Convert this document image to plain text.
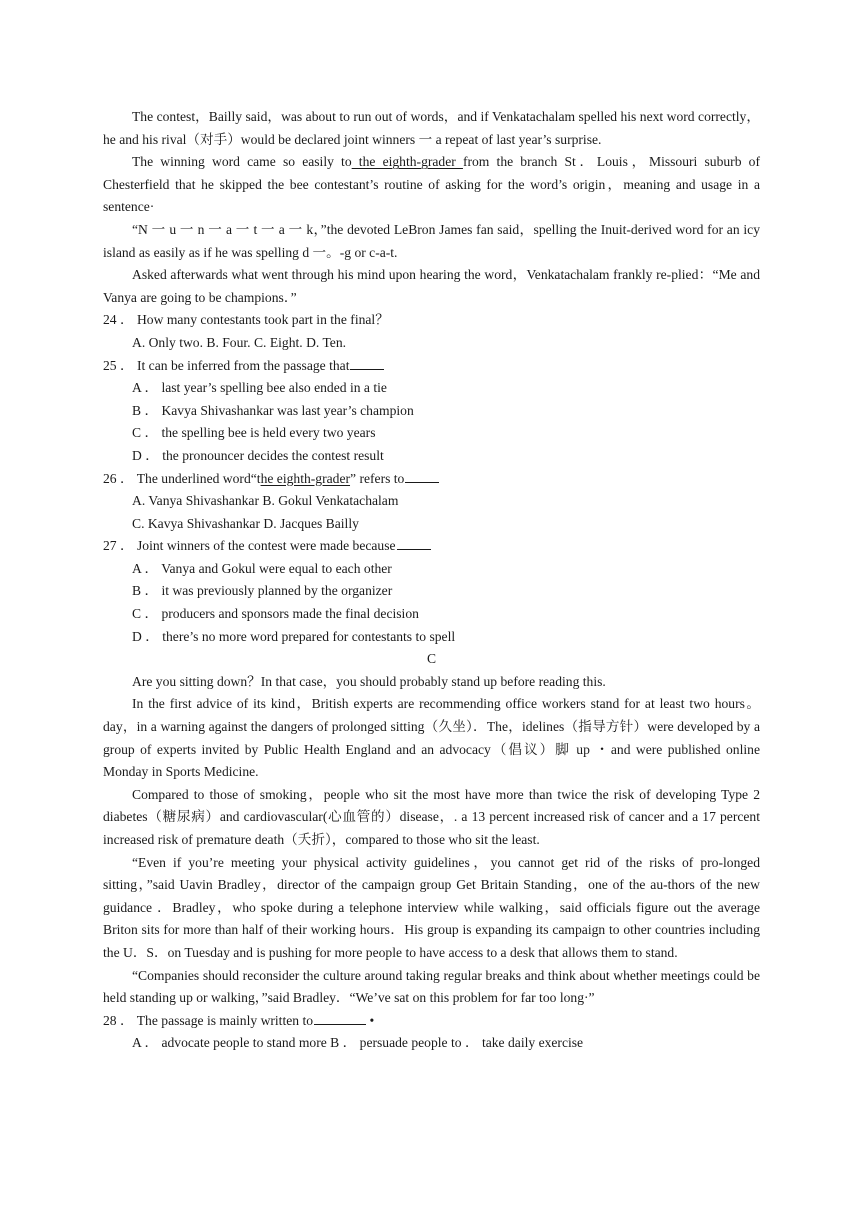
The contest，Bailly said，was about to run out of words，and if Venkatachalam spelled his next word correctly，he and his rival（对手）would be declared joint winners 一 a repeat of last year’s surprise.

The winning word came so easily to the eighth-grader from the branch St．Louis，Missouri suburb of Chesterfield that he skipped the bee contestant’s routine of asking for the word’s origin，meaning and usage in a sentence·

“N 一 u 一 n 一 a 一 t 一 a 一 k，”the devoted LeBron James fan said，spelling the Inuit-derived word for an icy island as easily as if he was spelling d 一。-g or c-a-t.

Asked afterwards what went through his mind upon hearing the word，Venkatachalam frankly re-plied：“Me and Vanya are going to be champions．”

24 ． How many contestants took part in the final？

A. Only two. B. Four. C. Eight. D. Ten.

25 ． It can be inferred from the passage that

A ． last year’s spelling bee also ended in a tie

B ． Kavya Shivashankar was last year’s champion

C ． the spelling bee is held every two years

D ． the pronouncer decides the contest result

26 ． The underlined word“the eighth-grader” refers to

A. Vanya Shivashankar B. Gokul Venkatachalam

C. Kavya Shivashankar D. Jacques Bailly

27 ． Joint winners of the contest were made because

A ． Vanya and Gokul were equal to each other

B ． it was previously planned by the organizer

C ． producers and sponsors made the final decision

D ． there’s no more word prepared for contestants to spell

C

Are you sitting down？In that case，you should probably stand up before reading this.

In the first advice of its kind，British experts are recommending office workers stand for at least two hours。day，in a warning against the dangers of prolonged sitting（久坐）．The，idelines（指导方针）were developed by a group of experts invited by Public Health England and an advocacy（倡议）脚 up ・and were published online Monday in Sports Medicine.

Compared to those of smoking，people who sit the most have more than twice the risk of developing Type 2 diabetes（糖尿病）and cardiovascular(心血管的）disease，. a 13 percent increased risk of cancer and a 17 percent increased risk of premature death（夭折），compared to those who sit the least.

“Even if you’re meeting your physical activity guidelines，you cannot get rid of the risks of pro-longed sitting，”said Uavin Bradley，director of the campaign group Get Britain Standing，one of the au-thors of the new guidance ．Bradley，who spoke during a telephone interview while walking，said officials figure out the average Briton sits for more than half of their working hours．His group is expanding its campaign to other countries including the U．S．on Tuesday and is pushing for more people to have access to a desk that allows them to stand.

“Companies should reconsider the culture around taking regular breaks and think about whether meetings could be held standing up or walking，”said Bradley．“We’ve sat on this problem for far too long·”

28 ． The passage is mainly written to	•

A ． advocate people to stand more B ． persuade people to ． take daily exercise
